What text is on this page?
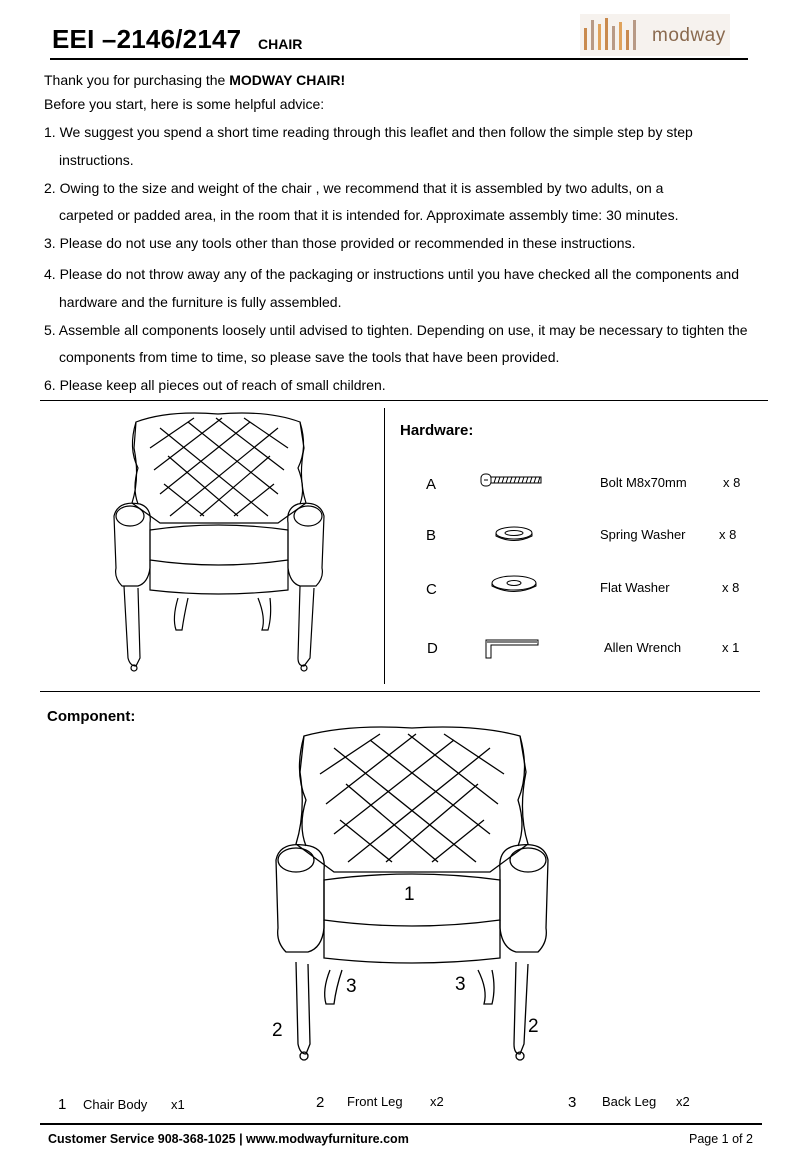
EEI –2146/2147 CHAIR	modway
Thank you for purchasing the MODWAY CHAIR!
Before you start, here is some helpful advice:
1. We suggest you spend a short time reading through this leaflet and then follow the simple step by step
instructions.
2. Owing to the size and weight of the chair , we recommend that it is assembled by two adults, on a
carpeted or padded area, in the room that it is intended for. Approximate assembly time: 30 minutes.
3. Please do not use any tools other than those provided or recommended in these instructions.
4. Please do not throw away any of the packaging or instructions until you have checked all the components and
hardware and the furniture is fully assembled.
5. Assemble all components loosely until advised to tighten. Depending on use, it may be necessary to tighten the
components from time to time, so please save the tools that have been provided.
6. Please keep all pieces out of reach of small children.
Hardware:
A	Bolt M8x70mm	x 8
B	Spring Washer	x 8
C	Flat Washer	x 8
D	Allen Wrench	x 1
Component:
1
3	3
2	2
1 Chair Body x1	2 Front Leg x2	3 Back Leg x2
Customer Service 908-368-1025 | www.modwayfurniture.com	Page 1 of 2
